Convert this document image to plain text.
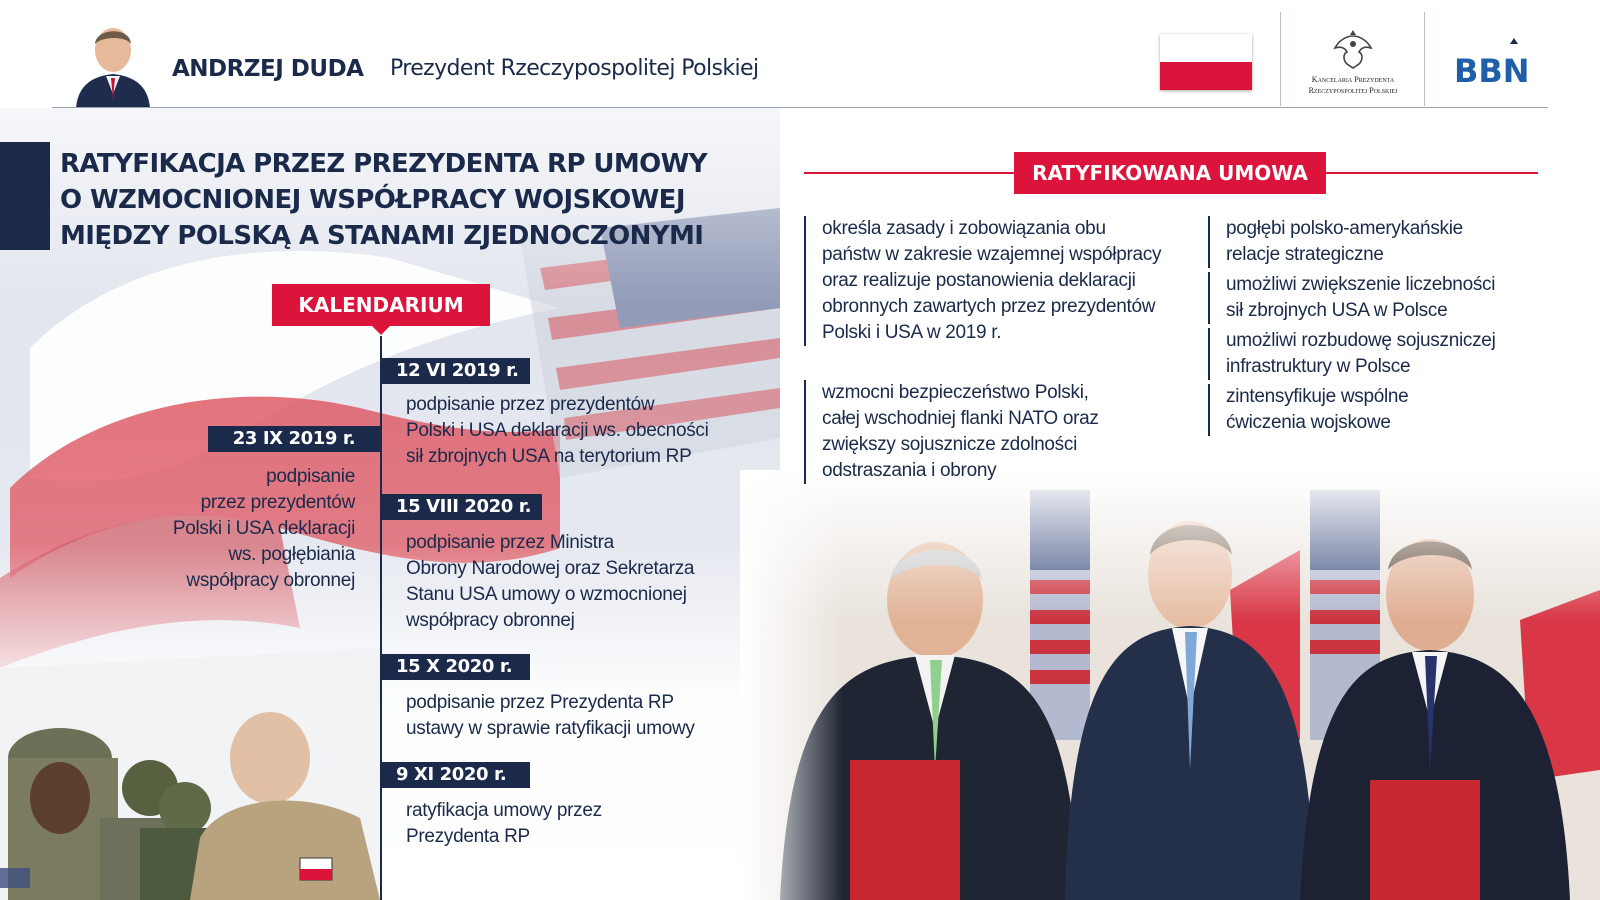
ANDRZEJ DUDA Prezydent Rzeczypospolitej Polskiej	Kancelaria Prezydenta
Rzeczypospolitej Polskiej
BBN
RATYFIKACJA PRZEZ PREZYDENTA RP UMOWY
O WZMOCNIONEJ WSPÓŁPRACY WOJSKOWEJ
MIĘDZY POLSKĄ A STANAMI ZJEDNOCZONYMI
KALENDARIUM
12 VI 2019 r.
podpisanie przez prezydentów
Polski i USA deklaracji ws. obecności
sił zbrojnych USA na terytorium RP
23 IX 2019 r.
podpisanie
przez prezydentów
Polski i USA deklaracji
ws. pogłębiania
współpracy obronnej
15 VIII 2020 r.
podpisanie przez Ministra
Obrony Narodowej oraz Sekretarza
Stanu USA umowy o wzmocnionej
współpracy obronnej
15 X 2020 r.
podpisanie przez Prezydenta RP
ustawy w sprawie ratyfikacji umowy
9 XI 2020 r.
ratyfikacja umowy przez
Prezydenta RP
RATYFIKOWANA UMOWA
określa zasady i zobowiązania obu
państw w zakresie wzajemnej współpracy
oraz realizuje postanowienia deklaracji
obronnych zawartych przez prezydentów
Polski i USA w 2019 r.
wzmocni bezpieczeństwo Polski,
całej wschodniej flanki NATO oraz
zwiększy sojusznicze zdolności
odstraszania i obrony
pogłębi polsko-amerykańskie
relacje strategiczne
umożliwi zwiększenie liczebności
sił zbrojnych USA w Polsce
umożliwi rozbudowę sojuszniczej
infrastruktury w Polsce
zintensyfikuje wspólne
ćwiczenia wojskowe
